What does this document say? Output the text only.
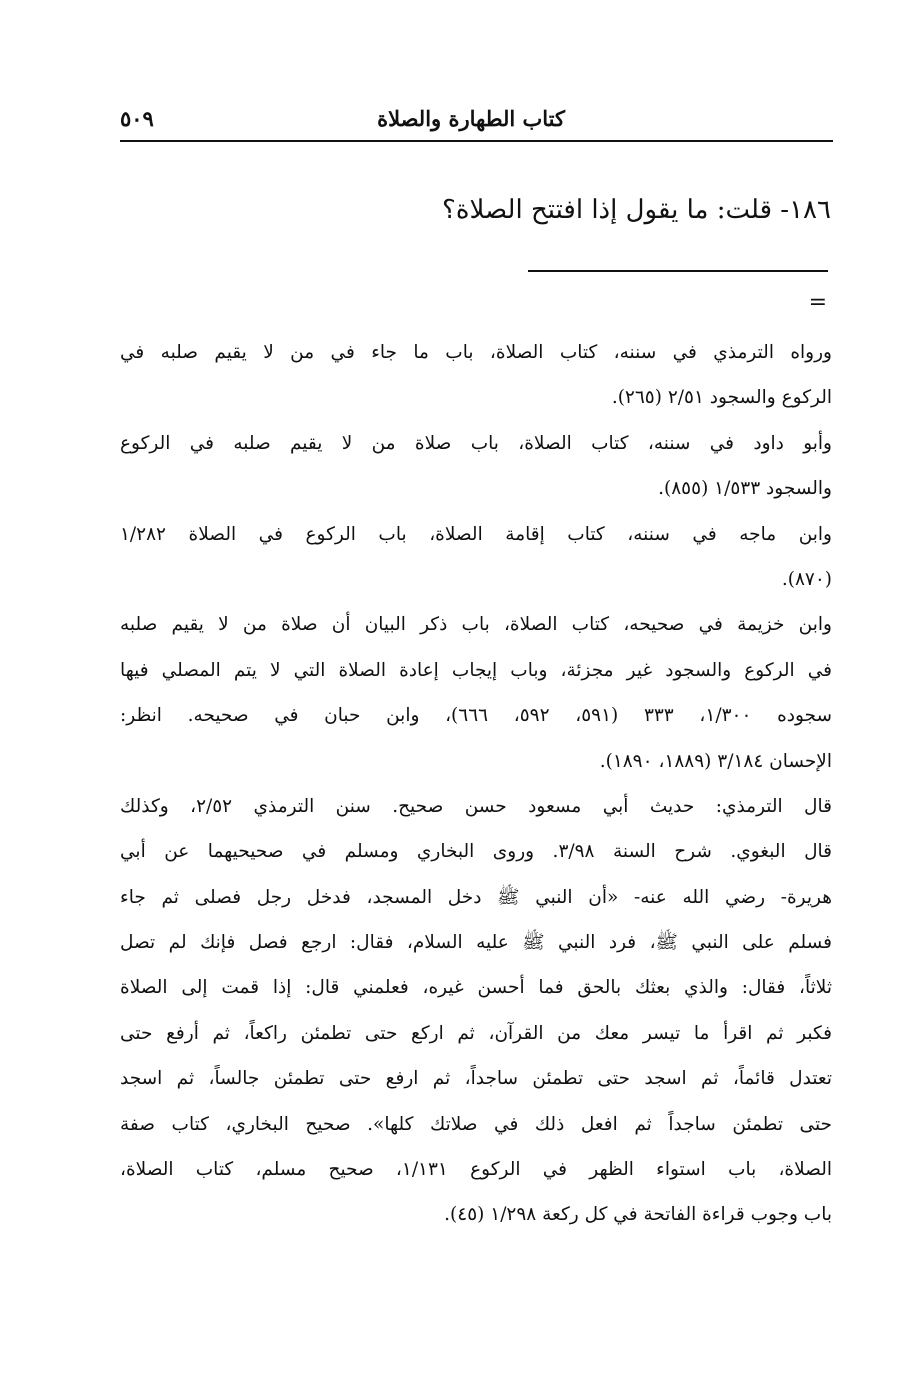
كتاب الطهارة والصلاة
٥٠٩
١٨٦- قلت: ما يقول إذا افتتح الصلاة؟
=
ورواه الترمذي في سننه، كتاب الصلاة، باب ما جاء في من لا يقيم صلبه في
الركوع والسجود ٢/٥١ (٢٦٥).
وأبو داود في سننه، كتاب الصلاة، باب صلاة من لا يقيم صلبه في الركوع
والسجود ١/٥٣٣ (٨٥٥).
وابن ماجه في سننه، كتاب إقامة الصلاة، باب الركوع في الصلاة ١/٢٨٢
(٨٧٠).
وابن خزيمة في صحيحه، كتاب الصلاة، باب ذكر البيان أن صلاة من لا يقيم صلبه
في الركوع والسجود غير مجزئة، وباب إيجاب إعادة الصلاة التي لا يتم المصلي فيها
سجوده ١/٣٠٠، ٣٣٣ (٥٩١، ٥٩٢، ٦٦٦)، وابن حبان في صحيحه. انظر:
الإحسان ٣/١٨٤ (١٨٨٩، ١٨٩٠).
قال الترمذي: حديث أبي مسعود حسن صحيح. سنن الترمذي ٢/٥٢، وكذلك
قال البغوي. شرح السنة ٣/٩٨. وروى البخاري ومسلم في صحيحيهما عن أبي
هريرة- رضي الله عنه- «أن النبي ﷺ دخل المسجد، فدخل رجل فصلى ثم جاء
فسلم على النبي ﷺ، فرد النبي ﷺ عليه السلام، فقال: ارجع فصل فإنك لم تصل
ثلاثاً، فقال: والذي بعثك بالحق فما أحسن غيره، فعلمني قال: إذا قمت إلى الصلاة
فكبر ثم اقرأ ما تيسر معك من القرآن، ثم اركع حتى تطمئن راكعاً، ثم أرفع حتى
تعتدل قائماً، ثم اسجد حتى تطمئن ساجداً، ثم ارفع حتى تطمئن جالساً، ثم اسجد
حتى تطمئن ساجداً ثم افعل ذلك في صلاتك كلها». صحيح البخاري، كتاب صفة
الصلاة، باب استواء الظهر في الركوع ١/١٣١، صحيح مسلم، كتاب الصلاة،
باب وجوب قراءة الفاتحة في كل ركعة ١/٢٩٨ (٤٥).
